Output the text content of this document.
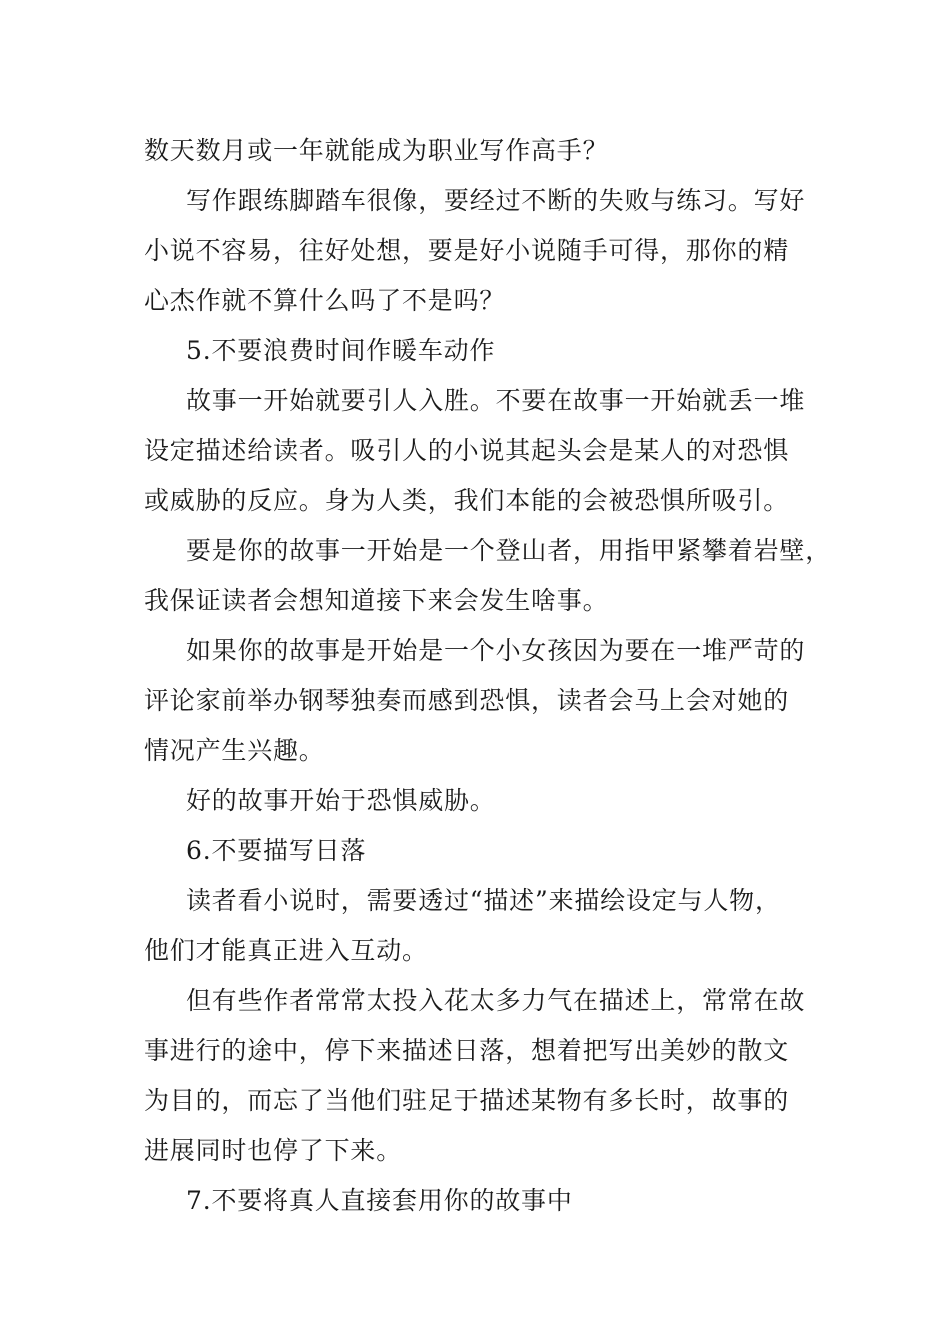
数天数月或一年就能成为职业写作高手？
写作跟练脚踏车很像，要经过不断的失败与练习。写好
小说不容易，往好处想，要是好小说随手可得，那你的精
心杰作就不算什么吗了不是吗？
5.不要浪费时间作暖车动作
故事一开始就要引人入胜。不要在故事一开始就丢一堆
设定描述给读者。吸引人的小说其起头会是某人的对恐惧
或威胁的反应。身为人类，我们本能的会被恐惧所吸引。
要是你的故事一开始是一个登山者，用指甲紧攀着岩壁，
我保证读者会想知道接下来会发生啥事。
如果你的故事是开始是一个小女孩因为要在一堆严苛的
评论家前举办钢琴独奏而感到恐惧，读者会马上会对她的
情况产生兴趣。
好的故事开始于恐惧威胁。
6.不要描写日落
读者看小说时，需要透过“描述”来描绘设定与人物，
他们才能真正进入互动。
但有些作者常常太投入花太多力气在描述上，常常在故
事进行的途中，停下来描述日落，想着把写出美妙的散文
为目的，而忘了当他们驻足于描述某物有多长时，故事的
进展同时也停了下来。
7.不要将真人直接套用你的故事中
